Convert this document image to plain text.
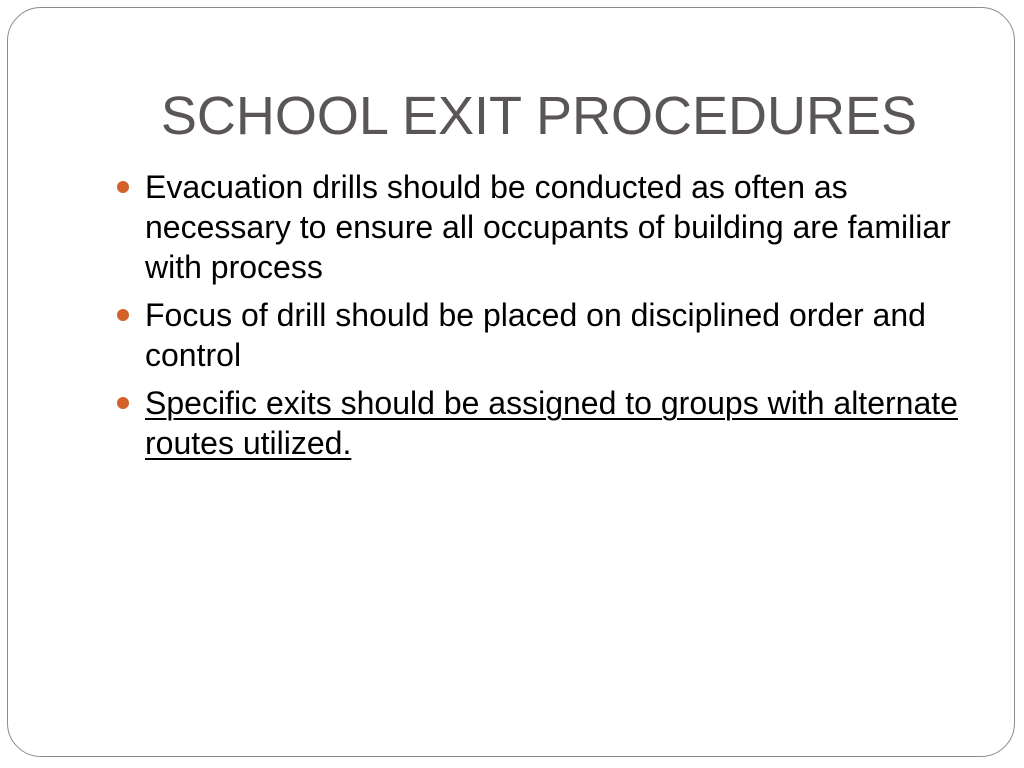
SCHOOL EXIT PROCEDURES
Evacuation drills should be conducted as often as necessary to ensure all occupants of building are familiar with process
Focus of drill should be placed on disciplined order and control
Specific exits should be assigned to groups with alternate routes utilized.
